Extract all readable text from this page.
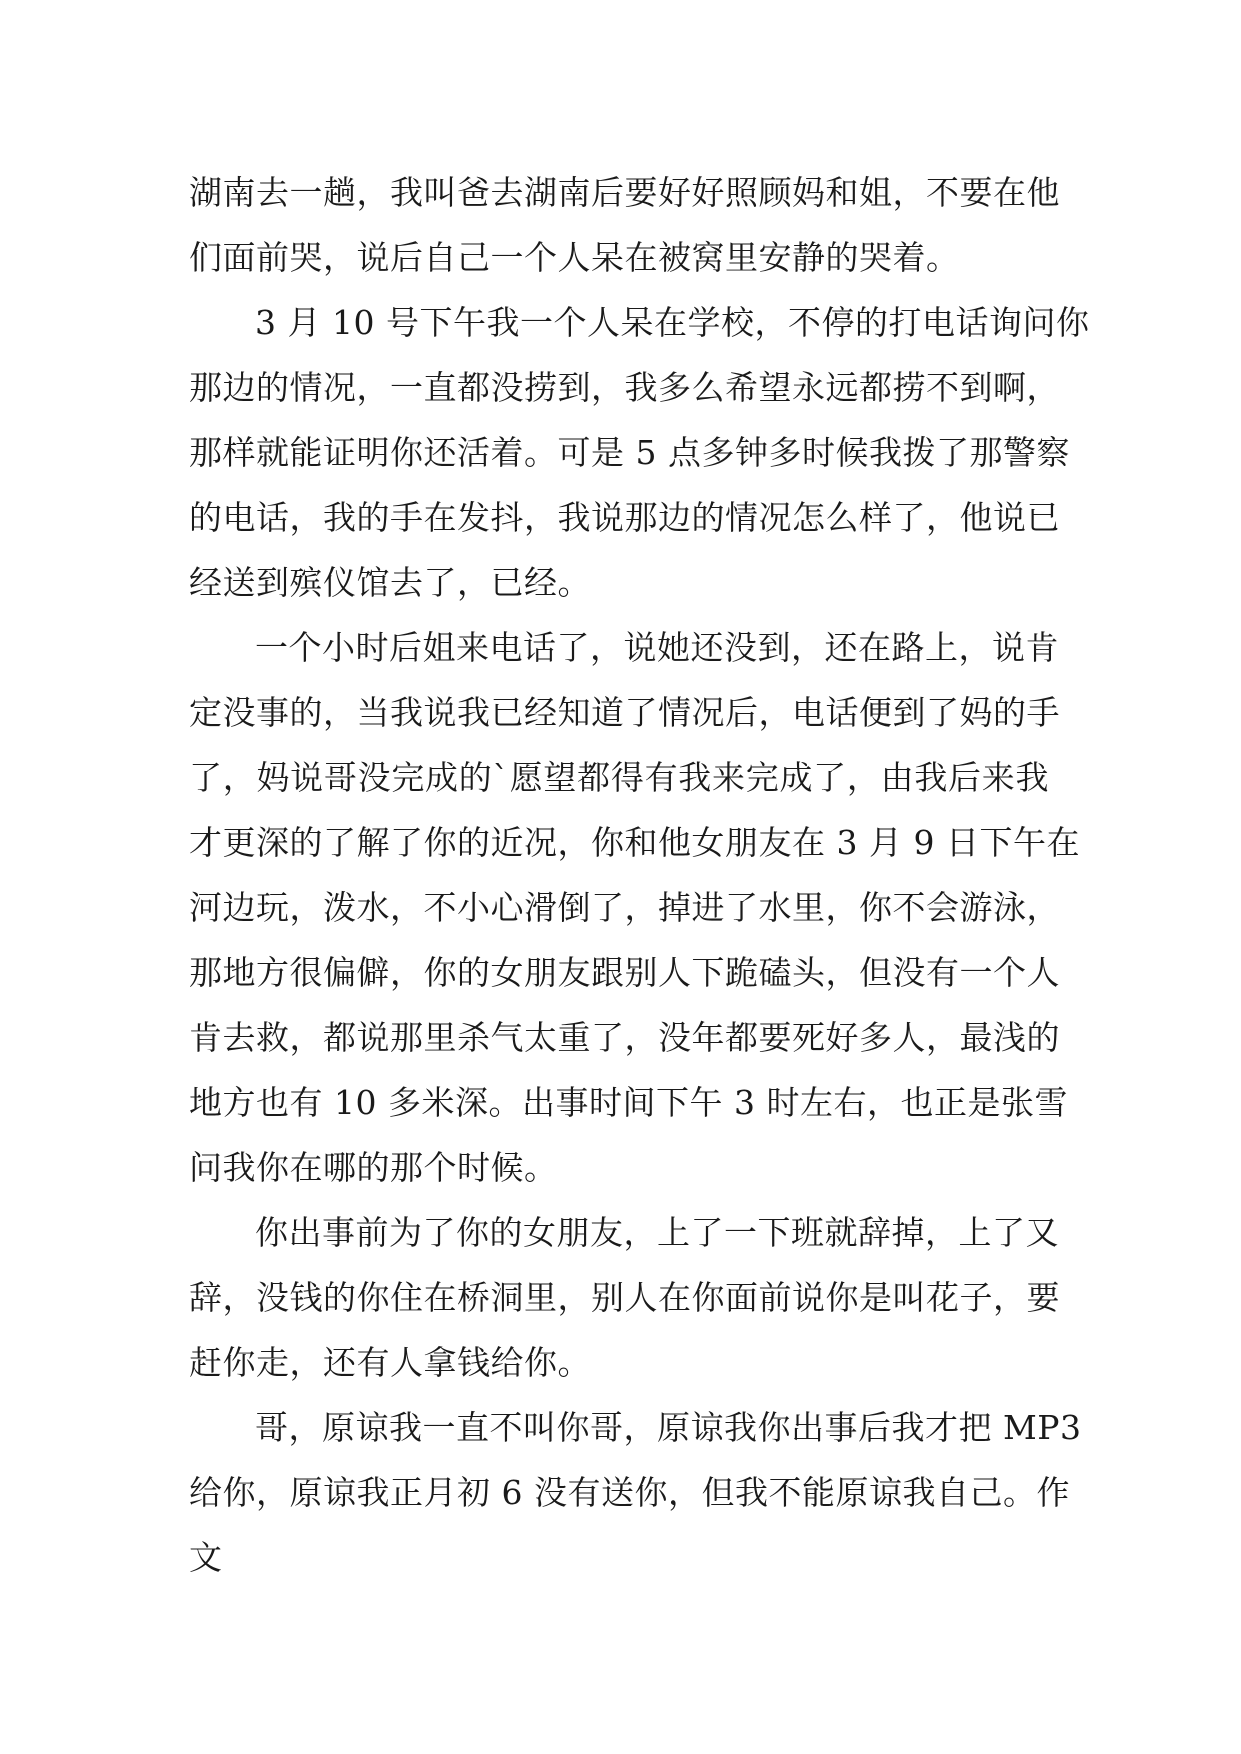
湖南去一趟，我叫爸去湖南后要好好照顾妈和姐，不要在他
们面前哭，说后自己一个人呆在被窝里安静的哭着。
3 月 10 号下午我一个人呆在学校，不停的打电话询问你
那边的情况，一直都没捞到，我多么希望永远都捞不到啊，
那样就能证明你还活着。可是 5 点多钟多时候我拨了那警察
的电话，我的手在发抖，我说那边的情况怎么样了，他说已
经送到殡仪馆去了，已经。
一个小时后姐来电话了，说她还没到，还在路上，说肯
定没事的，当我说我已经知道了情况后，电话便到了妈的手
了，妈说哥没完成的`愿望都得有我来完成了，由我后来我
才更深的了解了你的近况，你和他女朋友在 3 月 9 日下午在
河边玩，泼水，不小心滑倒了，掉进了水里，你不会游泳，
那地方很偏僻，你的女朋友跟别人下跪磕头，但没有一个人
肯去救，都说那里杀气太重了，没年都要死好多人，最浅的
地方也有 10 多米深。出事时间下午 3 时左右，也正是张雪
问我你在哪的那个时候。
你出事前为了你的女朋友，上了一下班就辞掉，上了又
辞，没钱的你住在桥洞里，别人在你面前说你是叫花子，要
赶你走，还有人拿钱给你。
哥，原谅我一直不叫你哥，原谅我你出事后我才把 MP3
给你，原谅我正月初 6 没有送你，但我不能原谅我自己。作
文
